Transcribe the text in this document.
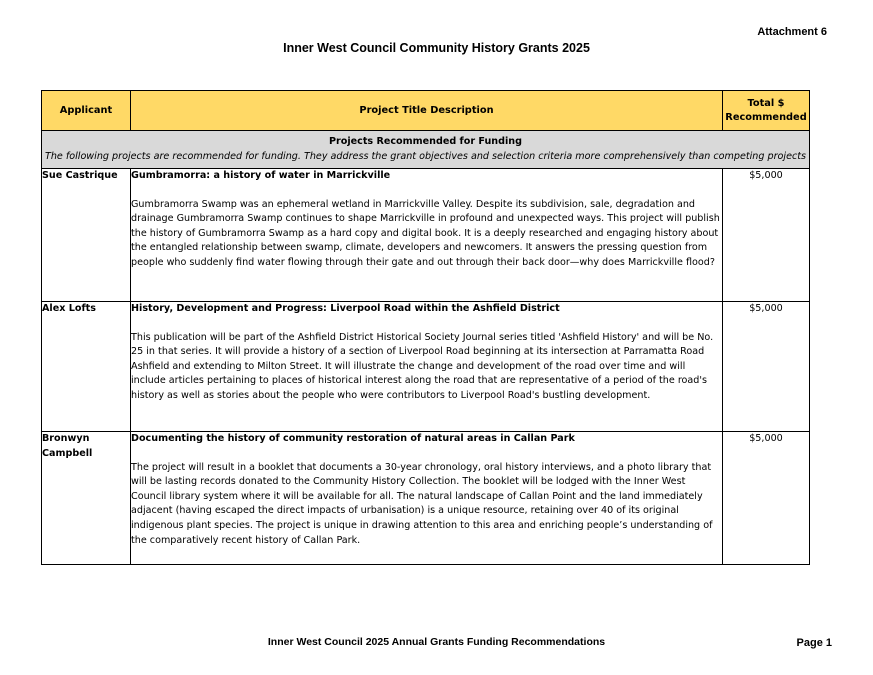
Attachment 6
Inner West Council Community History Grants 2025
Applicant	Project Title Description	Total $
Recommended

Projects Recommended for Funding
The following projects are recommended for funding. They address the grant objectives and selection criteria more comprehensively than competing projects		

Sue Castrique	Gumbramorra: a history of water in Marrickville
Gumbramorra Swamp was an ephemeral wetland in Marrickville Valley. Despite its subdivision, sale, degradation and drainage Gumbramorra Swamp continues to shape Marrickville in profound and unexpected ways. This project will publish the history of Gumbramorra Swamp as a hard copy and digital book. It is a deeply researched and engaging history about the entangled relationship between swamp, climate, developers and newcomers. It answers the pressing question from people who suddenly find water flowing through their gate and out through their back door—why does Marrickville flood?	$5,000
Alex Lofts	History, Development and Progress: Liverpool Road within the Ashfield District
This publication will be part of the Ashfield District Historical Society Journal series titled 'Ashfield History' and will be No. 25 in that series. It will provide a history of a section of Liverpool Road beginning at its intersection at Parramatta Road Ashfield and extending to Milton Street. It will illustrate the change and development of the road over time and will include articles pertaining to places of historical interest along the road that are representative of a period of the road's history as well as stories about the people who were contributors to Liverpool Road's bustling development.	$5,000
Bronwyn Campbell	Documenting the history of community restoration of natural areas in Callan Park
The project will result in a booklet that documents a 30-year chronology, oral history interviews, and a photo library that will be lasting records donated to the Community History Collection. The booklet will be lodged with the Inner West Council library system where it will be available for all. The natural landscape of Callan Point and the land immediately adjacent (having escaped the direct impacts of urbanisation) is a unique resource, retaining over 40 of its original indigenous plant species. The project is unique in drawing attention to this area and enriching people’s understanding of the comparatively recent history of Callan Park.	$5,000
Inner West Council 2025 Annual Grants Funding Recommendations	Page 1
